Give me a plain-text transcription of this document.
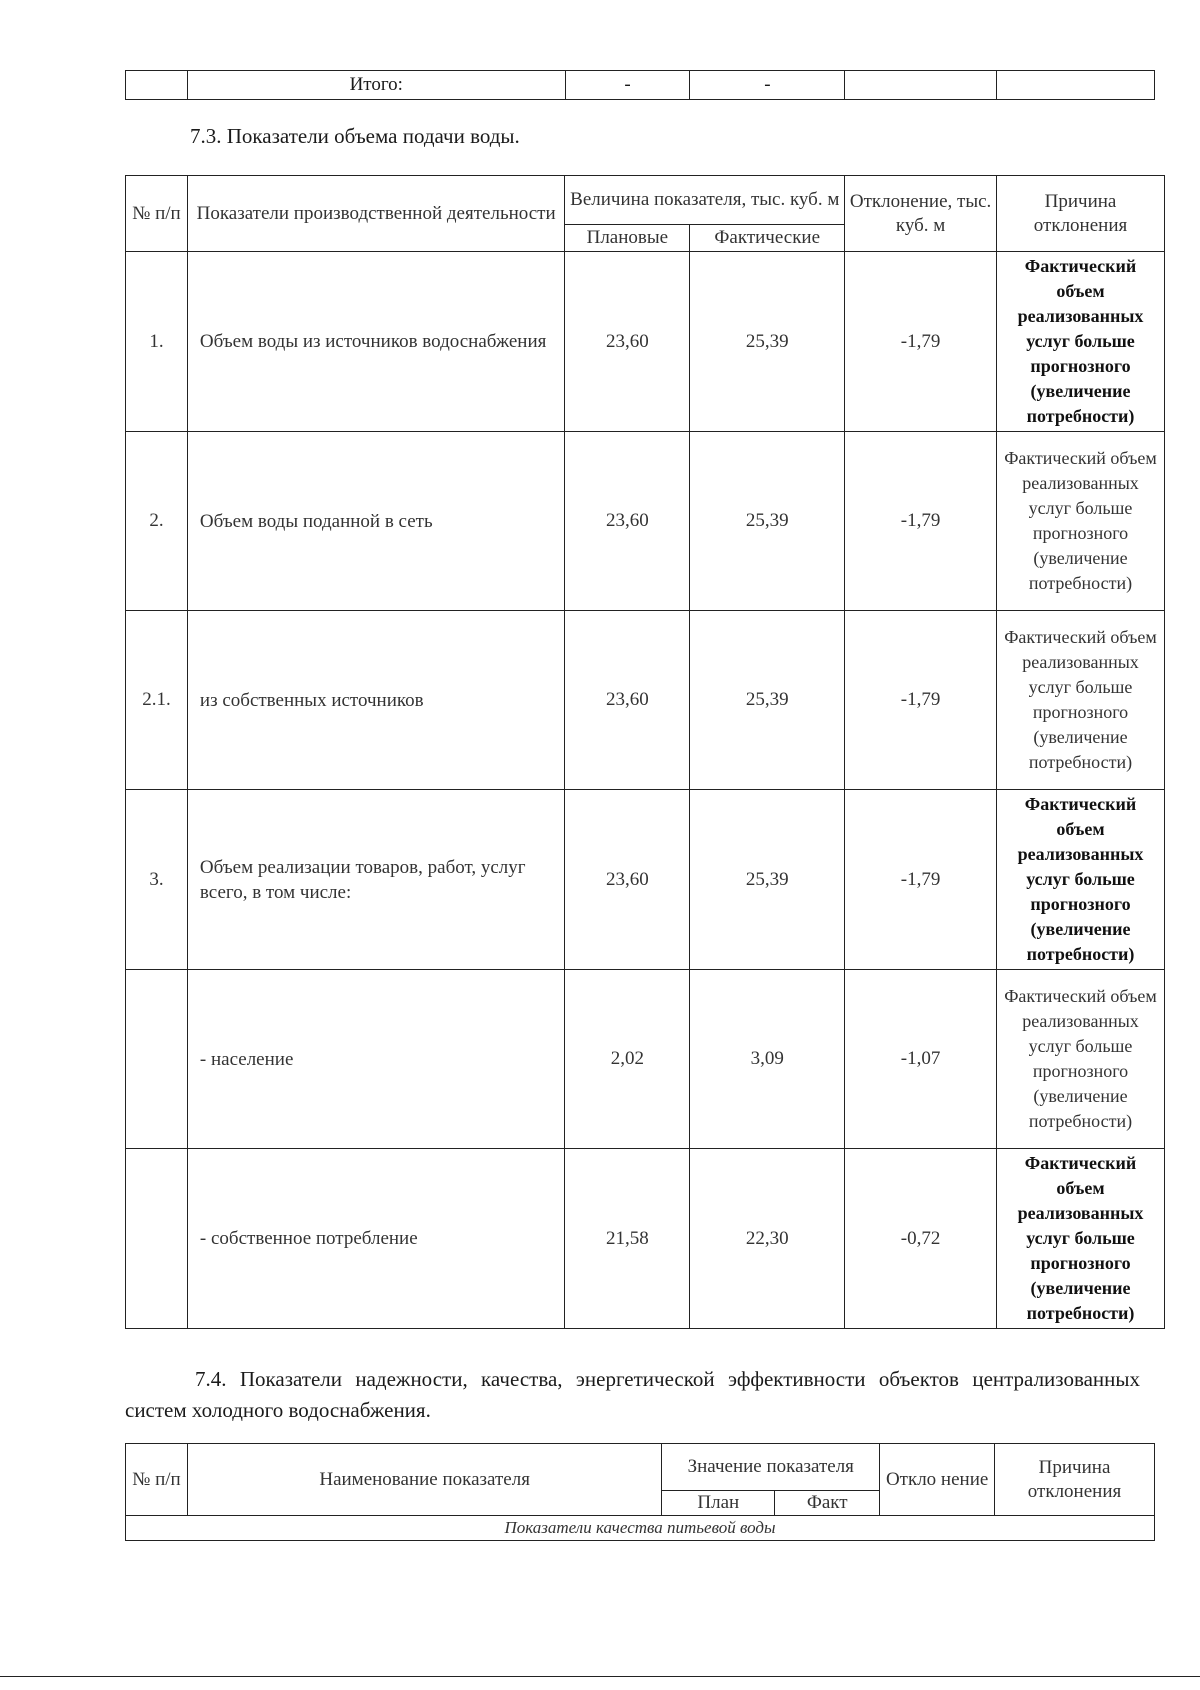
	Итого:	-	-		
7.3. Показатели объема подачи воды.
№ п/п	Показатели производственной деятельности	Величина показателя, тыс. куб. м		Отклонение, тыс. куб. м	Причина отклонения
		Плановые	Фактические		
1.	Объем воды из источников водоснабжения	23,60	25,39	-1,79	Фактический объем реализованных услуг больше прогнозного (увеличение потребности)
2.	Объем воды поданной в сеть	23,60	25,39	-1,79	Фактический объем реализованных услуг больше прогнозного (увеличение потребности)
2.1.	из собственных источников	23,60	25,39	-1,79	Фактический объем реализованных услуг больше прогнозного (увеличение потребности)
3.	Объем реализации товаров, работ, услуг всего, в том числе:	23,60	25,39	-1,79	Фактический объем реализованных услуг больше прогнозного (увеличение потребности)
	- население	2,02	3,09	-1,07	Фактический объем реализованных услуг больше прогнозного (увеличение потребности)
	- собственное потребление	21,58	22,30	-0,72	Фактический объем реализованных услуг больше прогнозного (увеличение потребности)
7.4. Показатели надежности, качества, энергетической эффективности объектов централизованных систем холодного водоснабжения.
№ п/п	Наименование показателя	Значение показателя		Откло нение	Причина отклонения
		План	Факт		
Показатели качества питьевой воды					
